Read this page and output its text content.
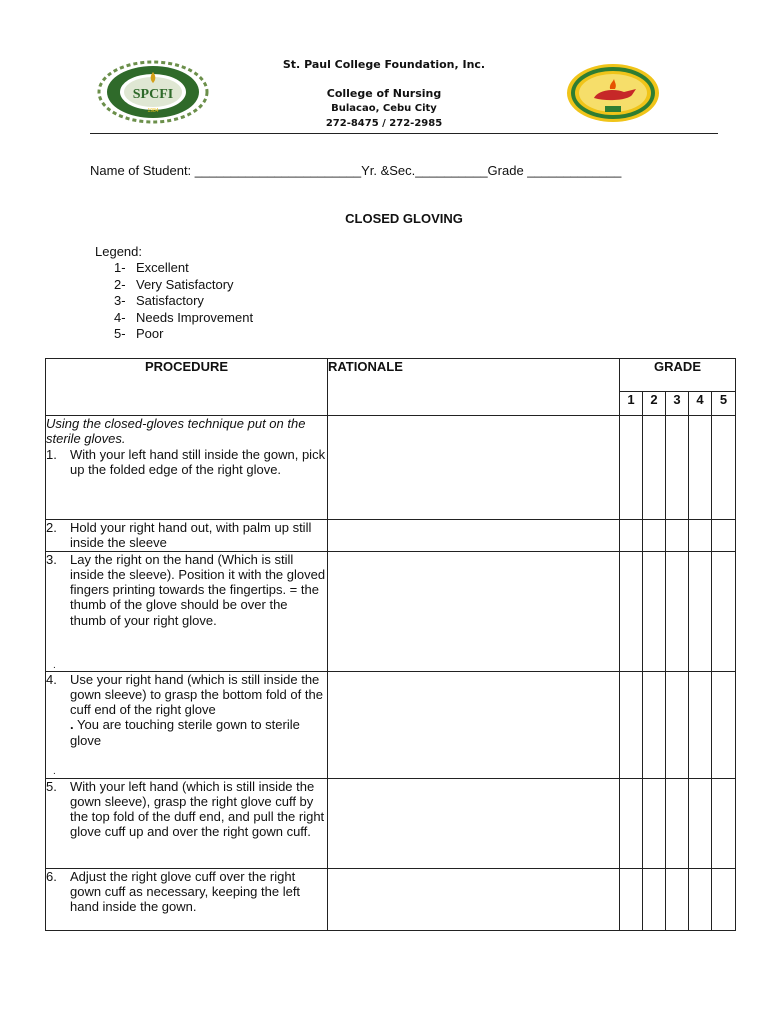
SPCFI
1984
St. Paul College Foundation, Inc.
College of Nursing
Bulacao, Cebu City
272-8475 / 272-2985
Name of Student: _______________________Yr. &Sec.__________Grade _____________
CLOSED GLOVING
Legend:
1- Excellent
2- Very Satisfactory
3- Satisfactory
4- Needs Improvement
5- Poor
PROCEDURE	RATIONALE	GRADE				
		1	2	3	4	5

Using the closed-gloves technique put on the sterile gloves.
1. With your left hand still inside the gown, pick up the folded edge of the right glove.						

2. Hold your right hand out, with palm up still inside the sleeve						

3. Lay the right on the hand (Which is still inside the sleeve). Position it with the gloved fingers printing towards the fingertips. = the thumb of the glove should be over the thumb of your right glove.						

4. Use your right hand (which is still inside the gown sleeve) to grasp the bottom fold of the cuff end of the right glove
. You are touching sterile gown to sterile glove						

5. With your left hand (which is still inside the gown sleeve), grasp the right glove cuff by the top fold of the duff end, and pull the right glove cuff up and over the right gown cuff.						

6. Adjust the right glove cuff over the right gown cuff as necessary, keeping the left hand inside the gown.						

.
.
